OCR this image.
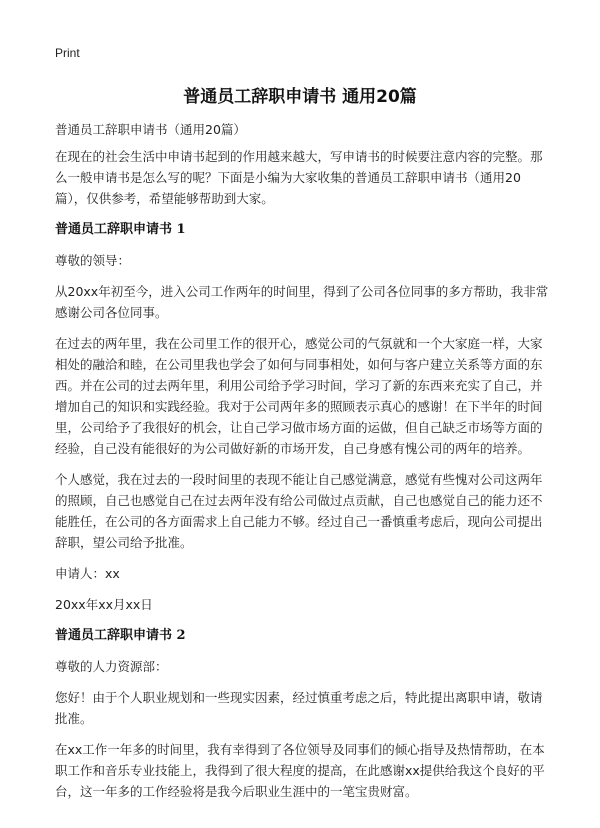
Print
普通员工辞职申请书 通用20篇

普通员工辞职申请书（通用20篇）

在现在的社会生活中申请书起到的作用越来越大，写申请书的时候要注意内容的完整。那么一般申请书是怎么写的呢？下面是小编为大家收集的普通员工辞职申请书（通用20篇），仅供参考，希望能够帮助到大家。

普通员工辞职申请书 1

尊敬的领导：

从20xx年初至今，进入公司工作两年的时间里，得到了公司各位同事的多方帮助，我非常感谢公司各位同事。

在过去的两年里，我在公司里工作的很开心，感觉公司的气氛就和一个大家庭一样，大家相处的融洽和睦，在公司里我也学会了如何与同事相处，如何与客户建立关系等方面的东西。并在公司的过去两年里，利用公司给予学习时间，学习了新的东西来充实了自己，并增加自己的知识和实践经验。我对于公司两年多的照顾表示真心的感谢！在下半年的时间里，公司给予了我很好的机会，让自己学习做市场方面的运做，但自己缺乏市场等方面的 经验，自己没有能很好的为公司做好新的市场开发，自己身感有愧公司的两年的培养。

个人感觉，我在过去的一段时间里的表现不能让自己感觉满意，感觉有些愧对公司这两年的照顾，自己也感觉自己在过去两年没有给公司做过点贡献，自己也感觉自己的能力还不能胜任，在公司的各方面需求上自己能力不够。经过自己一番慎重考虑后，现向公司提出辞职，望公司给予批准。

申请人：xx

20xx年xx月xx日

普通员工辞职申请书 2

尊敬的人力资源部：

您好！由于个人职业规划和一些现实因素，经过慎重考虑之后，特此提出离职申请，敬请批准。

在xx工作一年多的时间里，我有幸得到了各位领导及同事们的倾心指导及热情帮助，在本职工作和音乐专业技能上，我得到了很大程度的提高，在此感谢xx提供给我这个良好的平台，这一年多的工作经验将是我今后职业生涯中的一笔宝贵财富。
